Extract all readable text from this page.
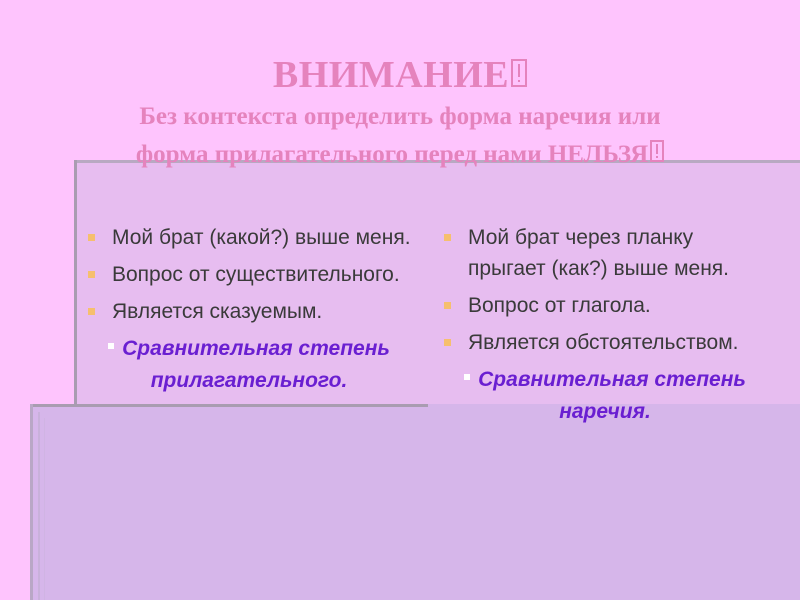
ВНИМАНИЕ
Без контекста определить форма наречия или
форма прилагательного перед нами НЕЛЬЗЯ
Мой брат (какой?) выше меня.
Вопрос от существительного.
Является сказуемым.
Сравнительная степень прилагательного.
Мой брат через планку прыгает (как?) выше меня.
Вопрос от глагола.
Является обстоятельством.
Сравнительная степень наречия.
